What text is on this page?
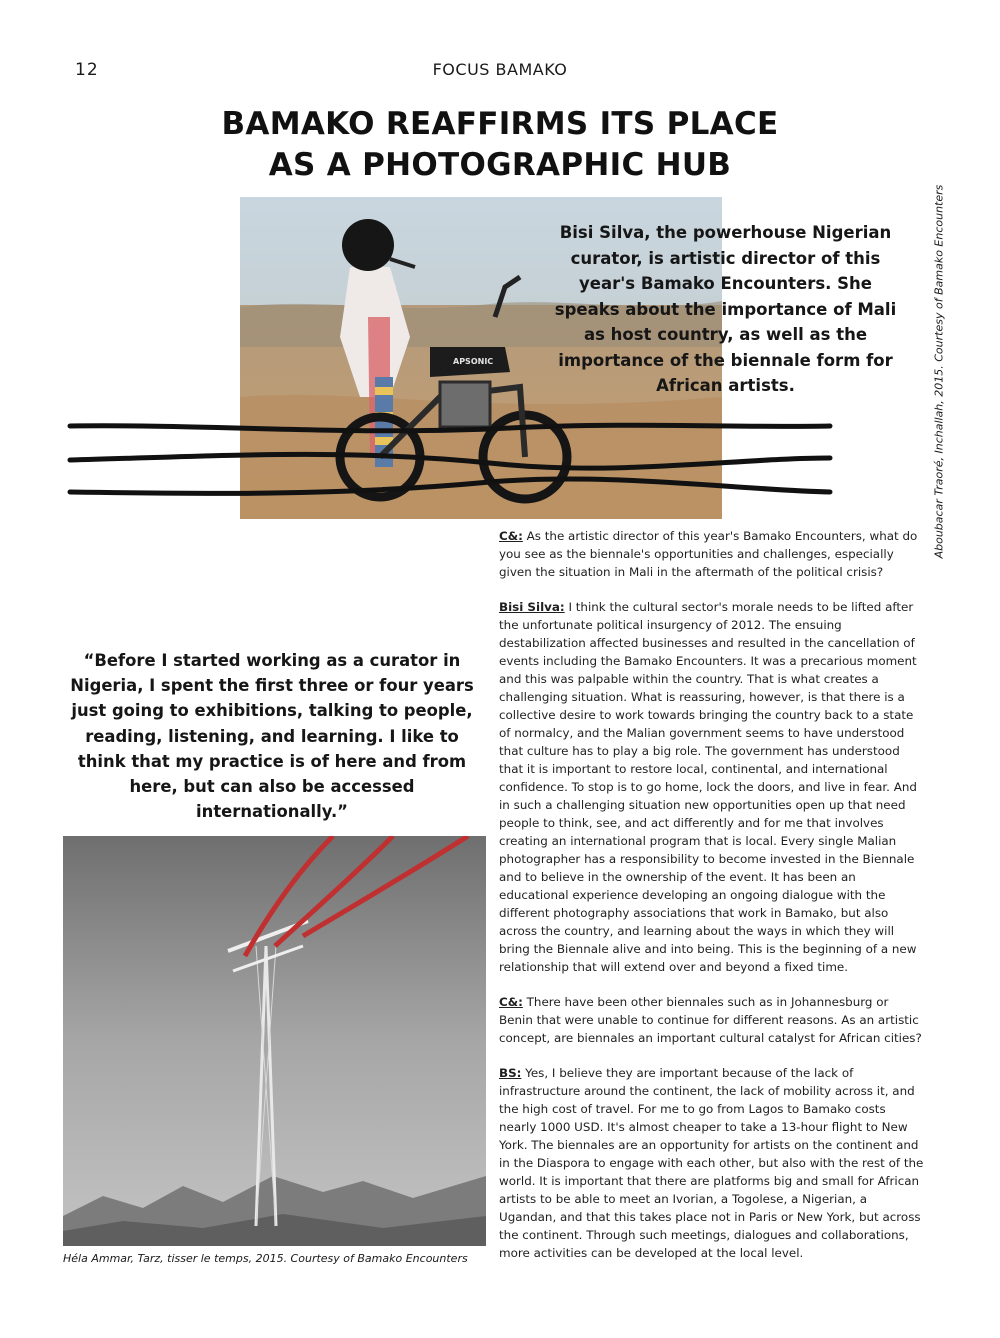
12	FOCUS BAMAKO
BAMAKO REAFFIRMS ITS PLACE
AS A PHOTOGRAPHIC HUB
APSONIC
Bisi Silva, the powerhouse Nigerian curator, is artistic director of this year's Bamako Encounters. She speaks about the importance of Mali as host country, as well as the importance of the biennale form for African artists.	Aboubacar Traoré, Inchallah, 2015. Courtesy of Bamako Encounters
“Before I started working as a curator in Nigeria, I spent the first three or four years just going to exhibitions, talking to people, reading, listening, and learning. I like to think that my practice is of here and from here, but can also be accessed internationally.”
Héla Ammar, Tarz, tisser le temps, 2015. Courtesy of Bamako Encounters

C&: As the artistic director of this year's Bamako Encounters, what do you see as the biennale's opportunities and challenges, especially given the situation in Mali in the aftermath of the political crisis?

Bisi Silva: I think the cultural sector's morale needs to be lifted after the unfortunate political insurgency of 2012. The ensuing destabilization affected businesses and resulted in the cancellation of events including the Bamako Encounters. It was a precarious moment and this was palpable within the country. That is what creates a challenging situation. What is reassuring, however, is that there is a collective desire to work towards bringing the country back to a state of normalcy, and the Malian government seems to have understood that culture has to play a big role. The government has understood that it is important to restore local, continental, and international confidence. To stop is to go home, lock the doors, and live in fear. And in such a challenging situation new opportunities open up that need people to think, see, and act differently and for me that involves creating an international program that is local. Every single Malian photographer has a responsibility to become invested in the Biennale and to believe in the ownership of the event. It has been an educational experience developing an ongoing dialogue with the different photography associations that work in Bamako, but also across the country, and learning about the ways in which they will bring the Biennale alive and into being. This is the beginning of a new relationship that will extend over and beyond a fixed time.

C&: There have been other biennales such as in Johannesburg or Benin that were unable to continue for different reasons. As an artistic concept, are biennales an important cultural catalyst for African cities?

BS: Yes, I believe they are important because of the lack of infrastructure around the continent, the lack of mobility across it, and the high cost of travel. For me to go from Lagos to Bamako costs nearly 1000 USD. It's almost cheaper to take a 13-hour flight to New York. The biennales are an opportunity for artists on the continent and in the Diaspora to engage with each other, but also with the rest of the world. It is important that there are platforms big and small for African artists to be able to meet an Ivorian, a Togolese, a Nigerian, a Ugandan, and that this takes place not in Paris or New York, but across the continent. Through such meetings, dialogues and collaborations, more activities can be developed at the local level.
